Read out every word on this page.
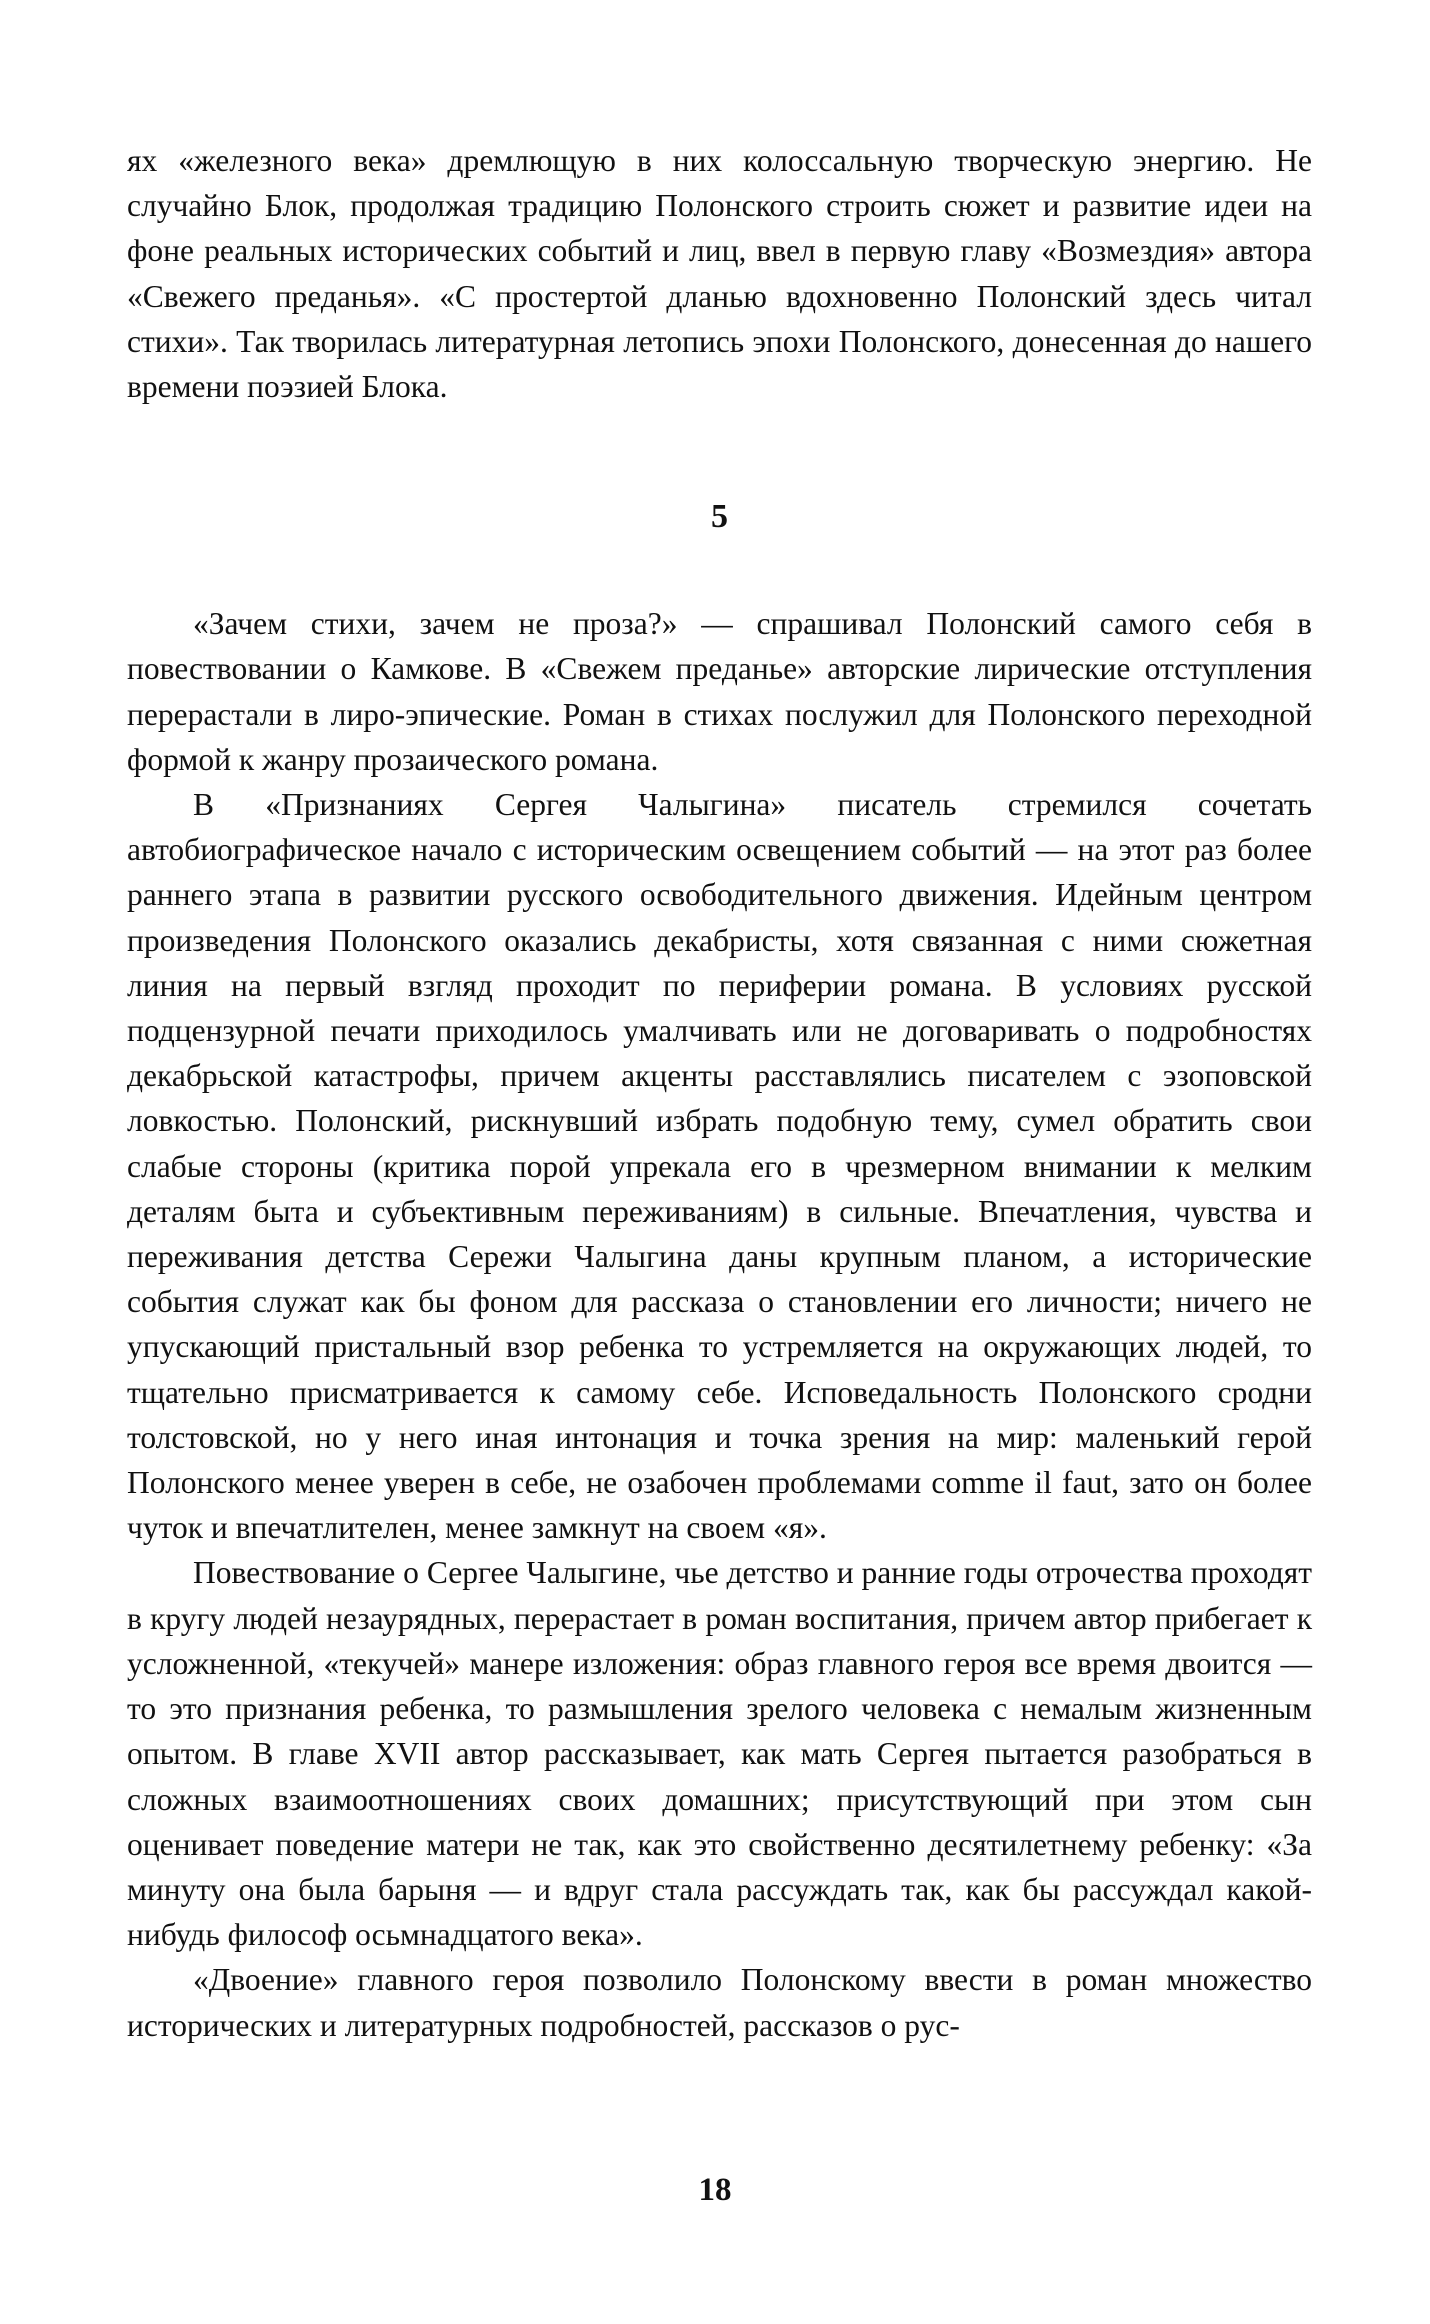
ях «железного века» дремлющую в них колоссальную творческую энергию. Не случайно Блок, продолжая традицию Полонского строить сюжет и развитие идеи на фоне реальных исторических событий и лиц, ввел в первую главу «Возмездия» автора «Свежего преданья». «С простертой дланью вдохновенно Полонский здесь читал стихи». Так творилась литературная летопись эпохи Полонского, донесенная до нашего времени поэзией Блока.

5

«Зачем стихи, зачем не проза?» — спрашивал Полонский самого себя в повествовании о Камкове. В «Свежем преданье» авторские лирические отступления перерастали в лиро-эпические. Роман в стихах послужил для Полонского переходной формой к жанру прозаического романа.

В «Признаниях Сергея Чалыгина» писатель стремился сочетать автобиографическое начало с историческим освещением событий — на этот раз более раннего этапа в развитии русского освободительного движения. Идейным центром произведения Полонского оказались декабристы, хотя связанная с ними сюжетная линия на первый взгляд проходит по периферии романа. В условиях русской подцензурной печати приходилось умалчивать или не договаривать о подробностях декабрьской катастрофы, причем акценты расставлялись писателем с эзоповской ловкостью. Полонский, рискнувший избрать подобную тему, сумел обратить свои слабые стороны (критика порой упрекала его в чрезмерном внимании к мелким деталям быта и субъективным переживаниям) в сильные. Впечатления, чувства и переживания детства Сережи Чалыгина даны крупным планом, а исторические события служат как бы фоном для рассказа о становлении его личности; ничего не упускающий пристальный взор ребенка то устремляется на окружающих людей, то тщательно присматривается к самому себе. Исповедальность Полонского сродни толстовской, но у него иная интонация и точка зрения на мир: маленький герой Полонского менее уверен в себе, не озабочен проблемами comme il faut, зато он более чуток и впечатлителен, менее замкнут на своем «я».

Повествование о Сергее Чалыгине, чье детство и ранние годы отрочества проходят в кругу людей незаурядных, перерастает в роман воспитания, причем автор прибегает к усложненной, «текучей» манере изложения: образ главного героя все время двоится — то это признания ребенка, то размышления зрелого человека с немалым жизненным опытом. В главе XVII автор рассказывает, как мать Сергея пытается разобраться в сложных взаимоотношениях своих домашних; присутствующий при этом сын оценивает поведение матери не так, как это свойственно десятилетнему ребенку: «За минуту она была барыня — и вдруг стала рассуждать так, как бы рассуждал какой-нибудь философ осьмнадцатого века».

«Двоение» главного героя позволило Полонскому ввести в роман множество исторических и литературных подробностей, рассказов о рус-

18
